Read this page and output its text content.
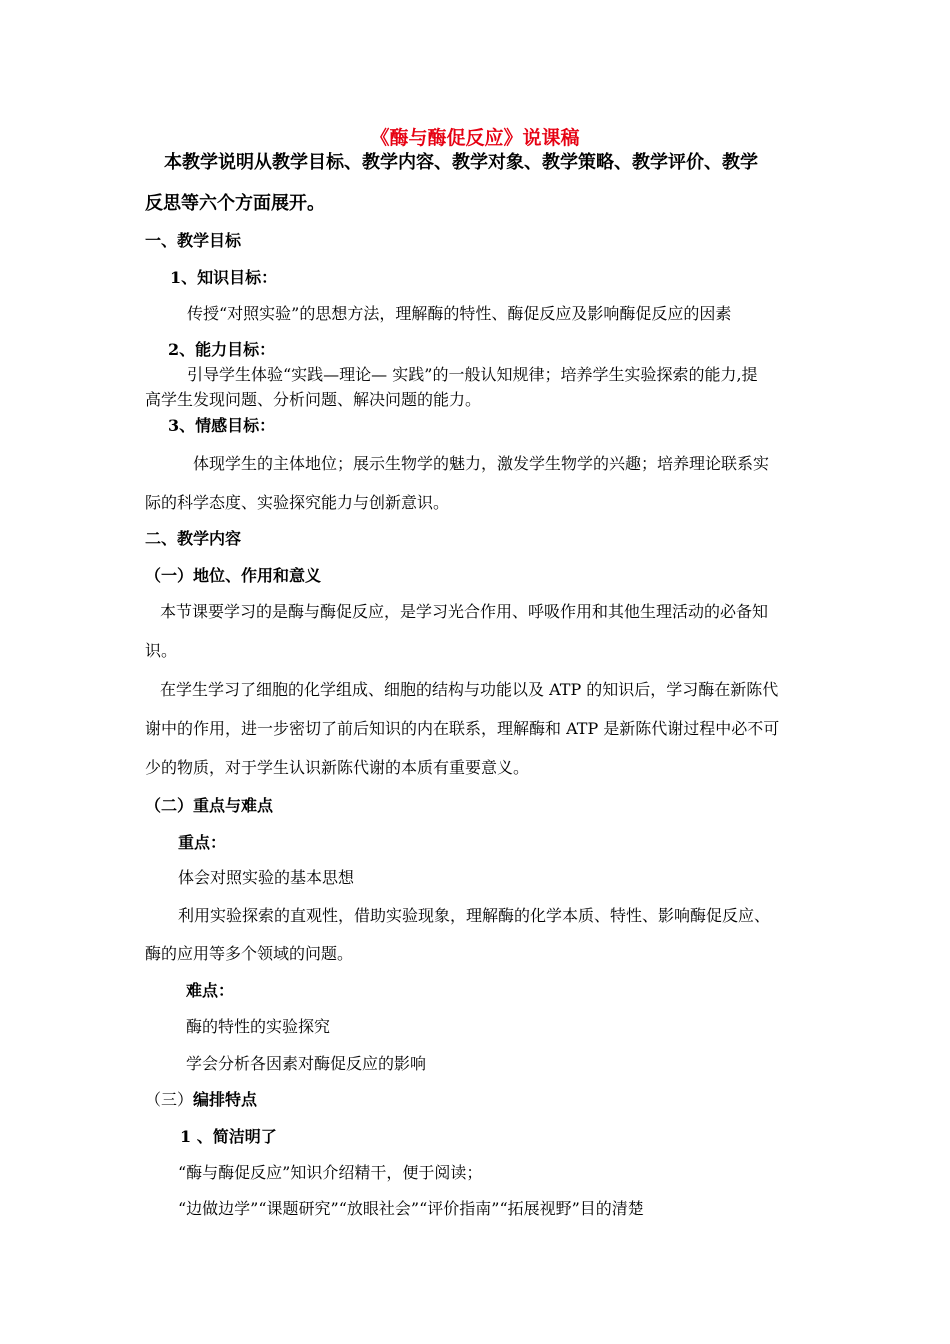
《酶与酶促反应》说课稿
本教学说明从教学目标、教学内容、教学对象、教学策略、教学评价、教学
反思等六个方面展开。
一、教学目标
1、知识目标：
传授“对照实验”的思想方法，理解酶的特性、酶促反应及影响酶促反应的因素
2、能力目标：
引导学生体验“实践—理论— 实践”的一般认知规律；培养学生实验探索的能力,提
高学生发现问题、分析问题、解决问题的能力。
3、情感目标：
体现学生的主体地位；展示生物学的魅力，激发学生物学的兴趣；培养理论联系实
际的科学态度、实验探究能力与创新意识。
二、教学内容
（一）地位、作用和意义
本节课要学习的是酶与酶促反应，是学习光合作用、呼吸作用和其他生理活动的必备知
识。
在学生学习了细胞的化学组成、细胞的结构与功能以及 ATP 的知识后，学习酶在新陈代
谢中的作用，进一步密切了前后知识的内在联系，理解酶和 ATP 是新陈代谢过程中必不可
少的物质，对于学生认识新陈代谢的本质有重要意义。
（二）重点与难点
重点：
体会对照实验的基本思想
利用实验探索的直观性，借助实验现象，理解酶的化学本质、特性、影响酶促反应、
酶的应用等多个领域的问题。
难点：
酶的特性的实验探究
学会分析各因素对酶促反应的影响
（三）编排特点
1 、简洁明了
“酶与酶促反应”知识介绍精干，便于阅读；
“边做边学”“课题研究”“放眼社会”“评价指南”“拓展视野”目的清楚
